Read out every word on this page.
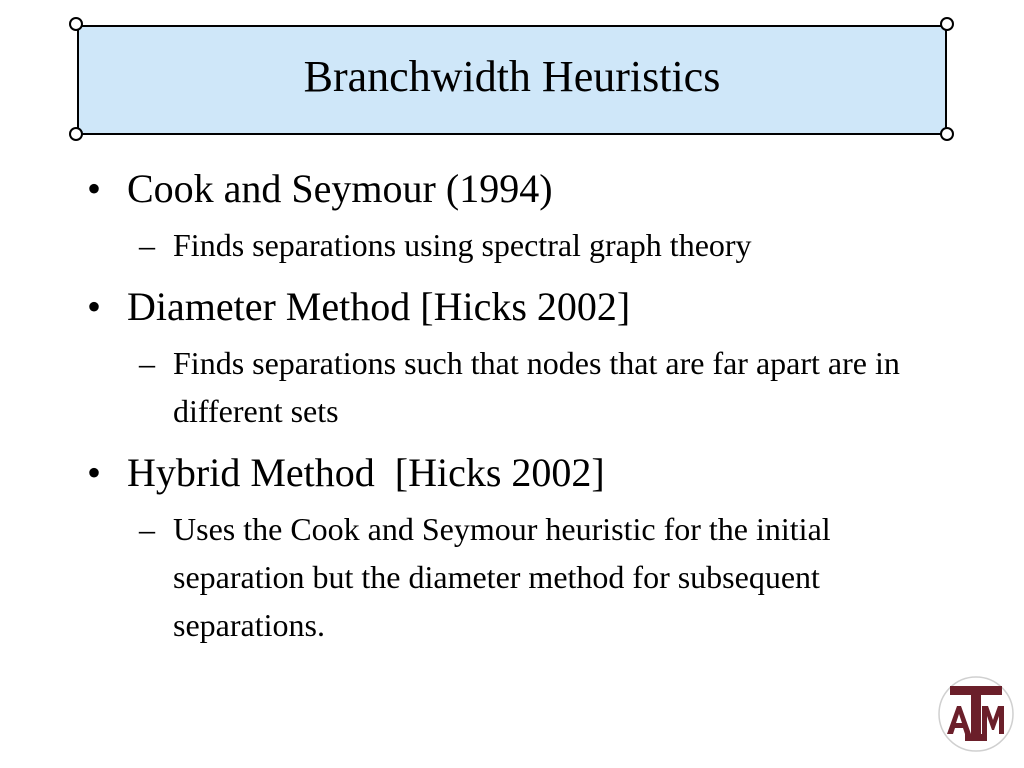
Branchwidth Heuristics
• Cook and Seymour (1994)
– Finds separations using spectral graph theory
• Diameter Method [Hicks 2002]
– Finds separations such that nodes that are far apart are in different sets
• Hybrid Method  [Hicks 2002]
– Uses the Cook and Seymour heuristic for the initial separation but the diameter method for subsequent separations.
ATM
